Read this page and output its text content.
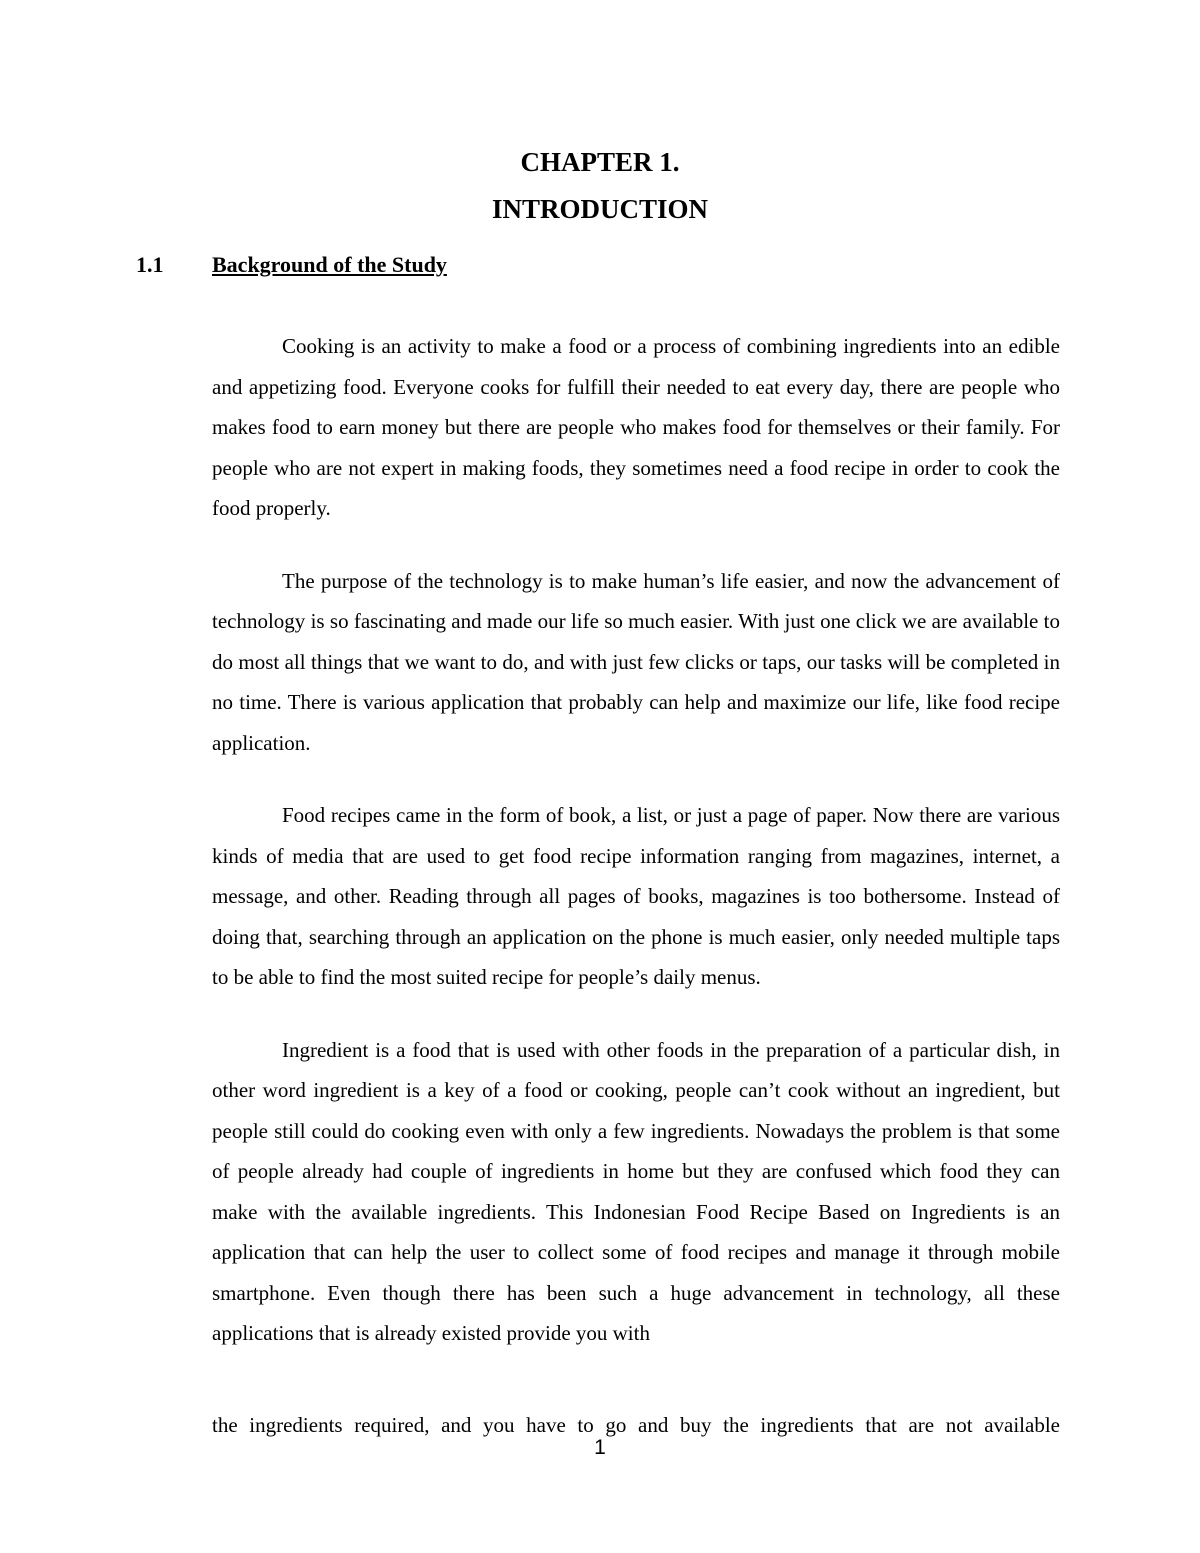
CHAPTER 1.
INTRODUCTION
1.1 Background of the Study

Cooking is an activity to make a food or a process of combining ingredients into an edible and appetizing food. Everyone cooks for fulfill their needed to eat every day, there are people who makes food to earn money but there are people who makes food for themselves or their family. For people who are not expert in making foods, they sometimes need a food recipe in order to cook the food properly.

The purpose of the technology is to make human’s life easier, and now the advancement of technology is so fascinating and made our life so much easier. With just one click we are available to do most all things that we want to do, and with just few clicks or taps, our tasks will be completed in no time. There is various application that probably can help and maximize our life, like food recipe application.

Food recipes came in the form of book, a list, or just a page of paper. Now there are various kinds of media that are used to get food recipe information ranging from magazines, internet, a message, and other. Reading through all pages of books, magazines is too bothersome. Instead of doing that, searching through an application on the phone is much easier, only needed multiple taps to be able to find the most suited recipe for people’s daily menus.

Ingredient is a food that is used with other foods in the preparation of a particular dish, in other word ingredient is a key of a food or cooking, people can’t cook without an ingredient, but people still could do cooking even with only a few ingredients. Nowadays the problem is that some of people already had couple of ingredients in home but they are confused which food they can make with the available ingredients. This Indonesian Food Recipe Based on Ingredients is an application that can help the user to collect some of food recipes and manage it through mobile smartphone. Even though there has been such a huge advancement in technology, all these applications that is already existed provide you with

the ingredients required, and you have to go and buy the ingredients that are not available

1
